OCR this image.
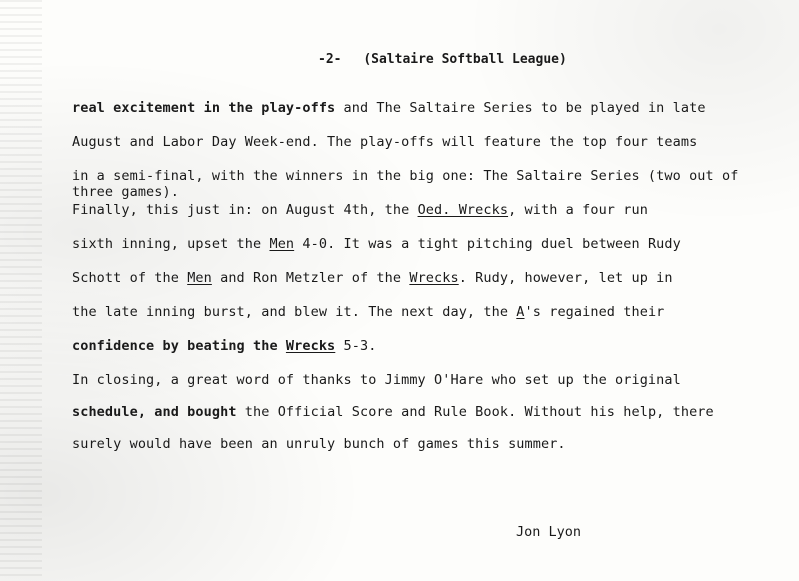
-2- (Saltaire Softball League)
real excitement in the play-offs and The Saltaire Series to be played in late
August and Labor Day Week-end. The play-offs will feature the top four teams
in a semi-final, with the winners in the big one: The Saltaire Series (two out of
three games).
Finally, this just in: on August 4th, the Oed. Wrecks, with a four run
sixth inning, upset the Men 4-0. It was a tight pitching duel between Rudy
Schott of the Men and Ron Metzler of the Wrecks. Rudy, however, let up in
the late inning burst, and blew it. The next day, the A's regained their
confidence by beating the Wrecks 5-3.
In closing, a great word of thanks to Jimmy O'Hare who set up the original
schedule, and bought the Official Score and Rule Book. Without his help, there
surely would have been an unruly bunch of games this summer.
Jon Lyon
